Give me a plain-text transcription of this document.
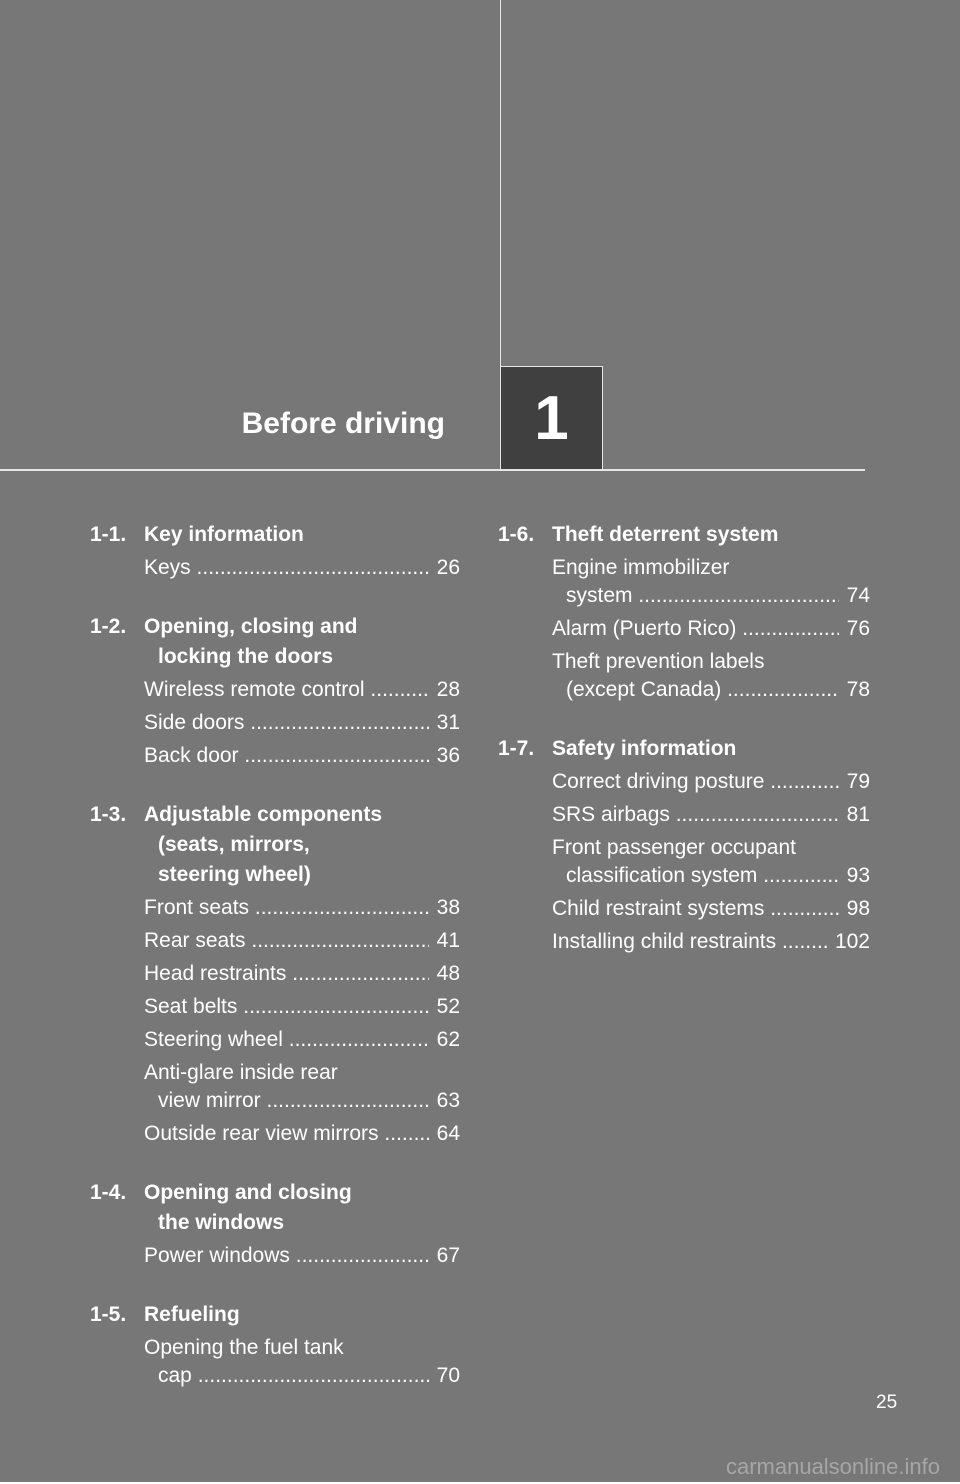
Before driving	1
1-1. Key information
Keys .....	26
1-2. Opening, closing and
locking the doors
Wireless remote control .....	28
Side doors .....	31
Back door .....	36
1-3. Adjustable components
(seats, mirrors,
steering wheel)
Front seats .....	38
Rear seats .....	41
Head restraints .....	48
Seat belts .....	52
Steering wheel .....	62
Anti-glare inside rear
view mirror .....	63
Outside rear view mirrors .....	64
1-4. Opening and closing
the windows
Power windows .....	67
1-5. Refueling
Opening the fuel tank
cap .....	70
1-6. Theft deterrent system
Engine immobilizer
system .....	74
Alarm (Puerto Rico) .....	76
Theft prevention labels
(except Canada) .....	78
1-7. Safety information
Correct driving posture .....	79
SRS airbags .....	81
Front passenger occupant
classification system .....	93
Child restraint systems .....	98
Installing child restraints .....	102
25
carmanualsonline.info
